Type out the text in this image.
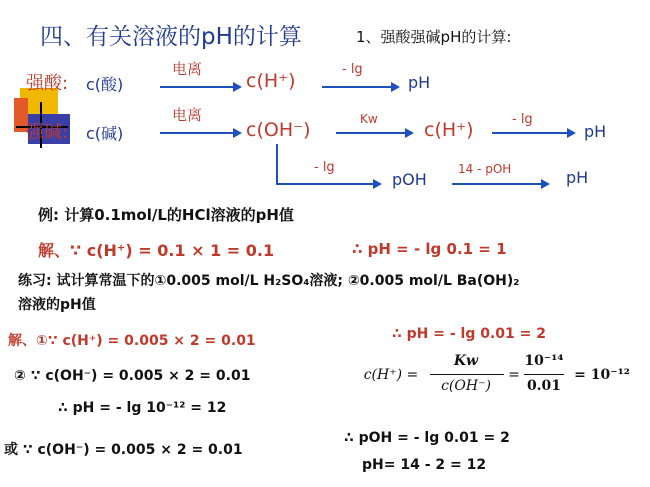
四、有关溶液的pH的计算	1、强酸强碱pH的计算:
强酸: c(酸)
电离
c(H⁺)
- lg
pH
强碱: c(碱)
电离
c(OH⁻)	Kw c(H⁺)	- lg
pH
- lg
pOH
14 - pOH	pH
例: 计算0.1mol/L的HCl溶液的pH值
解、∵ c(H⁺) = 0.1 × 1 = 0.1	∴ pH = - lg 0.1 = 1
练习: 试计算常温下的①0.005 mol/L H₂SO₄溶液; ②0.005 mol/L Ba(OH)₂
溶液的pH值
解、①∵ c(H⁺) = 0.005 × 2 = 0.01	∴ pH = - lg 0.01 = 2
② ∵ c(OH⁻) = 0.005 × 2 = 0.01
∴ pH = - lg 10⁻¹² = 12
c(H⁺) =
Kw
c(OH⁻)
=
10⁻¹⁴
0.01
= 10⁻¹²
或 ∵ c(OH⁻) = 0.005 × 2 = 0.01
∴ pOH = - lg 0.01 = 2
pH= 14 - 2 = 12
